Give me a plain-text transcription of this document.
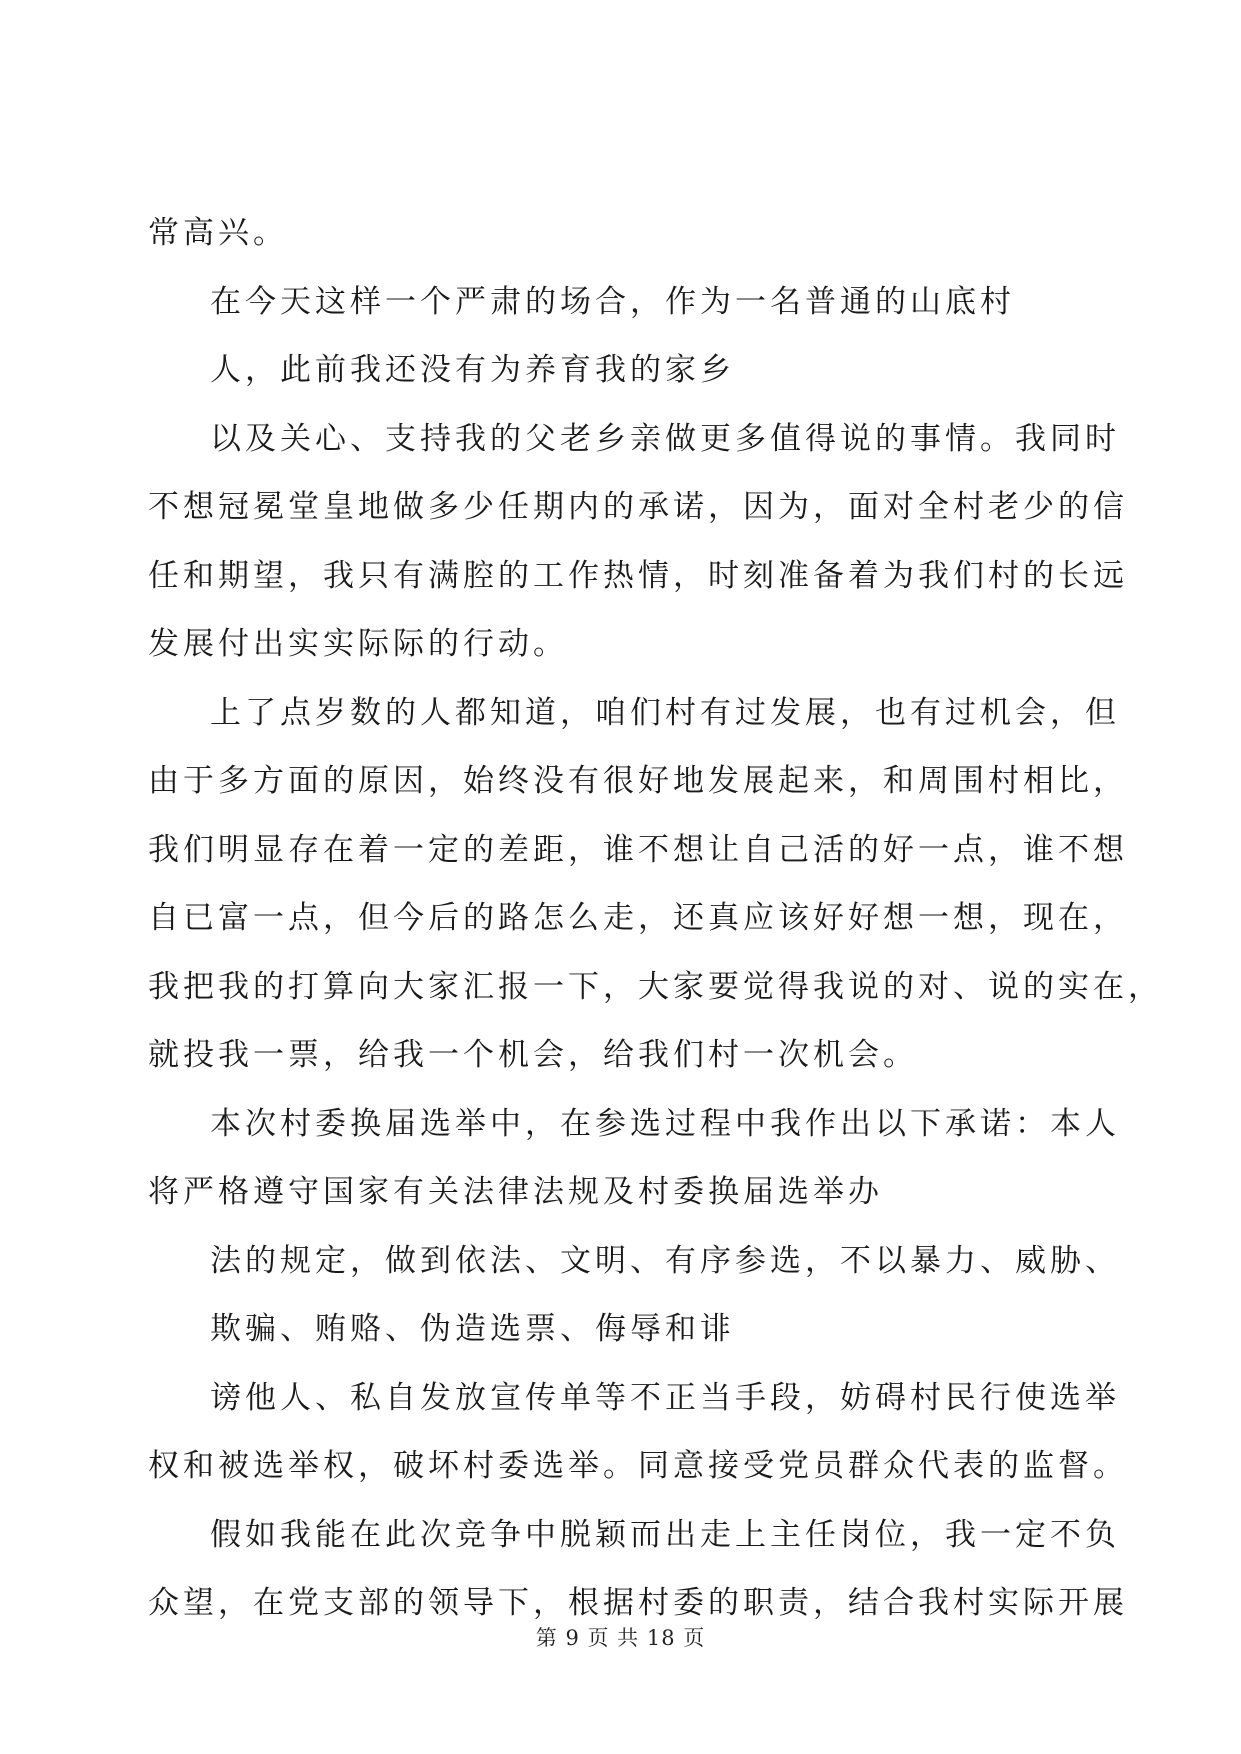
常高兴。
在今天这样一个严肃的场合，作为一名普通的山底村
人，此前我还没有为养育我的家乡
以及关心、支持我的父老乡亲做更多值得说的事情。我同时
不想冠冕堂皇地做多少任期内的承诺，因为，面对全村老少的信
任和期望，我只有满腔的工作热情，时刻准备着为我们村的长远
发展付出实实际际的行动。
上了点岁数的人都知道，咱们村有过发展，也有过机会，但
由于多方面的原因，始终没有很好地发展起来，和周围村相比，
我们明显存在着一定的差距，谁不想让自己活的好一点，谁不想
自已富一点，但今后的路怎么走，还真应该好好想一想，现在，
我把我的打算向大家汇报一下，大家要觉得我说的对、说的实在，
就投我一票，给我一个机会，给我们村一次机会。
本次村委换届选举中，在参选过程中我作出以下承诺：本人
将严格遵守国家有关法律法规及村委换届选举办
法的规定，做到依法、文明、有序参选，不以暴力、威胁、
欺骗、贿赂、伪造选票、侮辱和诽
谤他人、私自发放宣传单等不正当手段，妨碍村民行使选举
权和被选举权，破坏村委选举。同意接受党员群众代表的监督。
假如我能在此次竞争中脱颖而出走上主任岗位，我一定不负
众望，在党支部的领导下，根据村委的职责，结合我村实际开展
第 9 页 共 18 页
